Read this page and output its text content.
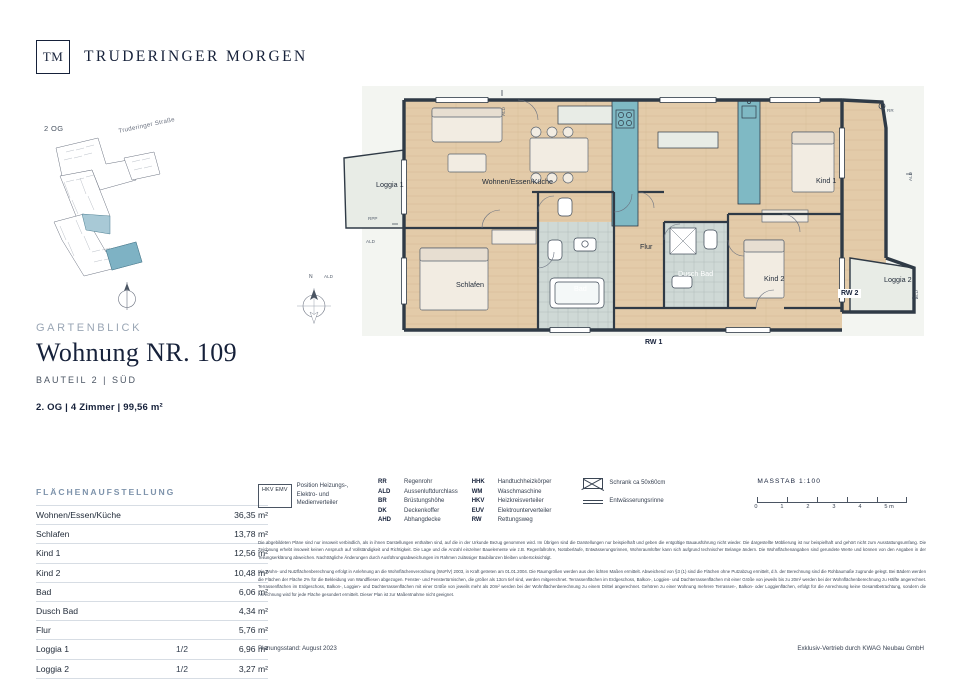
TM	TRUDERINGER MORGEN
2 OG	Truderinger Straße
GARTENBLICK
Wohnung NR. 109
BAUTEIL 2 | SÜD
2. OG | 4 Zimmer | 99,56 m²
FLÄCHENAUFSTELLUNG
Wohnen/Essen/Küche		36,35 m²
Schlafen		13,78 m²
Kind 1		12,56 m²
Kind 2		10,48 m²
Bad		6,06 m²
Dusch Bad		4,34 m²
Flur		5,76 m²
Loggia 1	1/2	6,96 m²
Loggia 2	1/2	3,27 m²
Loggia 1	Wohnen/Essen/Küche	Kind 1
Loggia 2
Flur
Schlafen	Bad
Dusch Bad
Kind 2
ALD	RR
ALD
RPP
ALD
ALD
ALD
RW 1
RW 2
N
HKV EMV
Position Heizungs-, Elektro- und Medienverteiler
RR	Regenrohr
ALD	Aussenluftdurchlass
BR	Brüstungshöhe
DK	Deckenkoffer
AHD	Abhangdecke
HHK	Handtuchheizkörper
WM	Waschmaschine
HKV	Heizkreisverteiler
EUV	Elektrounterverteiler
RW	Rettungsweg
Schrank ca 50x60cm
Entwässerungsrinne
MASSTAB 1:100
0	1	2	3	4	5 m

Die abgebildeten Pläne sind nur insoweit verbindlich, als in ihnen Darstellungen enthalten sind, auf die in der Urkunde Bezug genommen wird. Im Übrigen sind die Darstellungen nur beispielhaft und geben die entgültige Bauausführung nicht wieder. Die dargestellte Möblierung ist nur beispielhaft und gehört nicht zum Ausstattungsumfang. Die Zeichnung erhebt insoweit keinen Anspruch auf Vollständigkeit und Richtigkeit. Die Lage und die Anzahl einzelner Bauelemente wie z.B. Regenfallrohre, Notüberläufe, Entwässerungsrinnen, Wohnraumlüfter kann sich aufgrund technischer Belange ändern. Die Wohnflächenangaben sind gerundete Werte und können von den Angaben in der Teilungserklärung abweichen. Nachträgliche Änderungen durch Ausführungsabweichungen im Rahmen zulässiger Baubilanzen bleiben unberücksichtigt.

Die Wohn- und Nutzflächenberechnung erfolgt in Anlehnung an die Wohnflächenverordnung (WoFlV) 2003, in Kraft getreten am 01.01.2004. Die Raumgrößen werden aus den lichten Maßen ermittelt. Abweichend von §3 (1) sind die Flächen ohne Putzabzug ermittelt, d.h. der Berechnung sind die Rohbaumaße zugrunde gelegt. Bei Bädern werden die Flächen der Fläche 2% für die Bekleidung von Wandfliesen abgezogen. Fenster- und Fenstertürnischen, die größer als 13cm tief sind, werden mitgerechnet. Terrassenflächen im Erdgeschoss, Balkon-, Loggien- und Dachterrassenflächen mit einer Größe von jeweils bis zu 20m² werden bei der Wohnflächenberechnung zu Hälfte angerechnet. Terrassenflächen im Erdgeschoss, Balkon-, Loggien- und Dachterrassenflächen mit einer Größe von jeweils mehr als 20m² werden bei der Wohnflächenberechnung zu einem Drittel angerechnet. Gehören zu einer Wohnung mehrere Terrassen-, Balkon- oder Loggienflächen, erfolgt für die Anrechnung keine Gesamtbetrachtung, sondern die Anrechnung wird für jede Fläche gesondert ermittelt. Dieser Plan ist zur Maßentnahme nicht geeignet.

Planungsstand: August 2023	Exklusiv-Vertrieb durch KWAG Neubau GmbH
